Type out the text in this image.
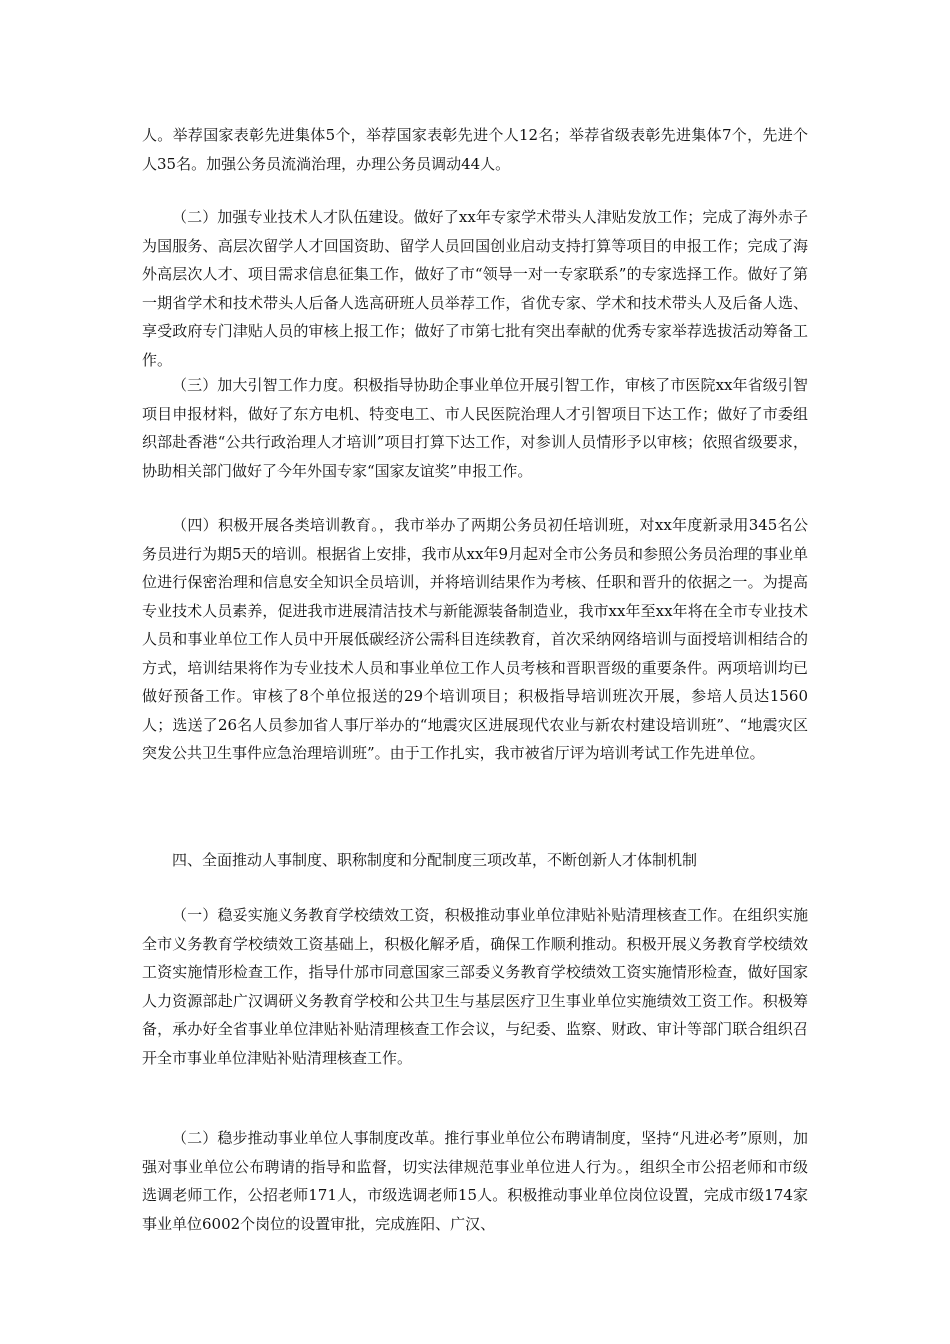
人。举荐国家表彰先进集体5个，举荐国家表彰先进个人12名；举荐省级表彰先进集体7个，先进个人35名。加强公务员流淌治理，办理公务员调动44人。

（二）加强专业技术人才队伍建设。做好了xx年专家学术带头人津贴发放工作；完成了海外赤子为国服务、高层次留学人才回国资助、留学人员回国创业启动支持打算等项目的申报工作；完成了海外高层次人才、项目需求信息征集工作，做好了市“领导一对一专家联系”的专家选择工作。做好了第一期省学术和技术带头人后备人选高研班人员举荐工作，省优专家、学术和技术带头人及后备人选、享受政府专门津贴人员的审核上报工作；做好了市第七批有突出奉献的优秀专家举荐选拔活动筹备工作。

（三）加大引智工作力度。积极指导协助企事业单位开展引智工作，审核了市医院xx年省级引智项目申报材料，做好了东方电机、特变电工、市人民医院治理人才引智项目下达工作；做好了市委组织部赴香港“公共行政治理人才培训”项目打算下达工作，对参训人员情形予以审核；依照省级要求，协助相关部门做好了今年外国专家“国家友谊奖”申报工作。

（四）积极开展各类培训教育。，我市举办了两期公务员初任培训班，对xx年度新录用345名公务员进行为期5天的培训。根据省上安排，我市从xx年9月起对全市公务员和参照公务员治理的事业单位进行保密治理和信息安全知识全员培训，并将培训结果作为考核、任职和晋升的依据之一。为提高专业技术人员素养，促进我市进展清洁技术与新能源装备制造业，我市xx年至xx年将在全市专业技术人员和事业单位工作人员中开展低碳经济公需科目连续教育，首次采纳网络培训与面授培训相结合的方式，培训结果将作为专业技术人员和事业单位工作人员考核和晋职晋级的重要条件。两项培训均已做好预备工作。审核了8个单位报送的29个培训项目；积极指导培训班次开展，参培人员达1560人；选送了26名人员参加省人事厅举办的“地震灾区进展现代农业与新农村建设培训班”、“地震灾区突发公共卫生事件应急治理培训班”。由于工作扎实，我市被省厅评为培训考试工作先进单位。

四、全面推动人事制度、职称制度和分配制度三项改革，不断创新人才体制机制

（一）稳妥实施义务教育学校绩效工资，积极推动事业单位津贴补贴清理核查工作。在组织实施全市义务教育学校绩效工资基础上，积极化解矛盾，确保工作顺利推动。积极开展义务教育学校绩效工资实施情形检查工作，指导什邡市同意国家三部委义务教育学校绩效工资实施情形检查，做好国家人力资源部赴广汉调研义务教育学校和公共卫生与基层医疗卫生事业单位实施绩效工资工作。积极筹备，承办好全省事业单位津贴补贴清理核查工作会议，与纪委、监察、财政、审计等部门联合组织召开全市事业单位津贴补贴清理核查工作。

（二）稳步推动事业单位人事制度改革。推行事业单位公布聘请制度，坚持“凡进必考”原则，加强对事业单位公布聘请的指导和监督，切实法律规范事业单位进人行为。，组织全市公招老师和市级选调老师工作，公招老师171人，市级选调老师15人。积极推动事业单位岗位设置，完成市级174家事业单位6002个岗位的设置审批，完成旌阳、广汉、
